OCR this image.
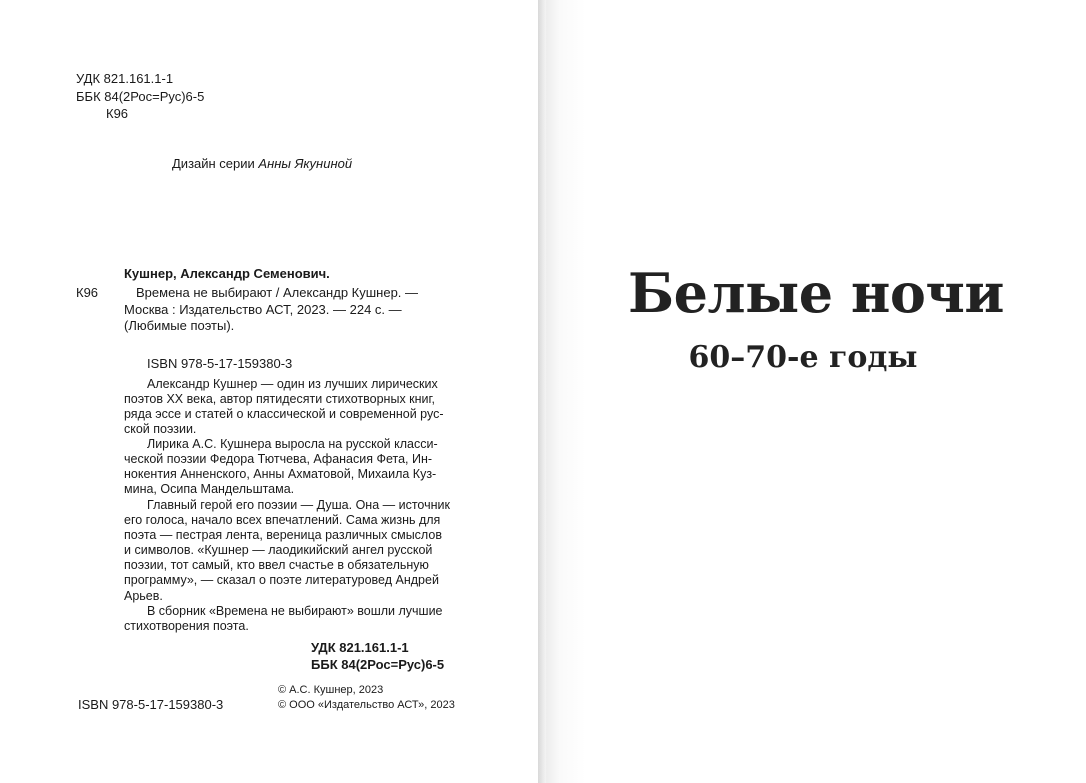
УДК 821.161.1-1
ББК 84(2Рос=Рус)6-5
К96
Дизайн серии Анны Якуниной
Кушнер, Александр Семенович.
К96	Времена не выбирают / Александр Кушнер. —
Москва : Издательство АСТ, 2023. — 224 с. —
(Любимые поэты).
ISBN 978-5-17-159380-3
Александр Кушнер — один из лучших лирических
поэтов XX века, автор пятидесяти стихотворных книг,
ряда эссе и статей о классической и современной рус-
ской поэзии.
Лирика А.С. Кушнера выросла на русской класси-
ческой поэзии Федора Тютчева, Афанасия Фета, Ин-
нокентия Анненского, Анны Ахматовой, Михаила Куз-
мина, Осипа Мандельштама.
Главный герой его поэзии — Душа. Она — источник
его голоса, начало всех впечатлений. Сама жизнь для
поэта — пестрая лента, вереница различных смыслов
и символов. «Кушнер — лаодикийский ангел русской
поэзии, тот самый, кто ввел счастье в обязательную
программу», — сказал о поэте литературовед Андрей
Арьев.
В сборник «Времена не выбирают» вошли лучшие
стихотворения поэта.
УДК 821.161.1-1
ББК 84(2Рос=Рус)6-5
© А.С. Кушнер, 2023
ISBN 978-5-17-159380-3	© ООО «Издательство АСТ», 2023
Белые ночи
60–70-е годы
